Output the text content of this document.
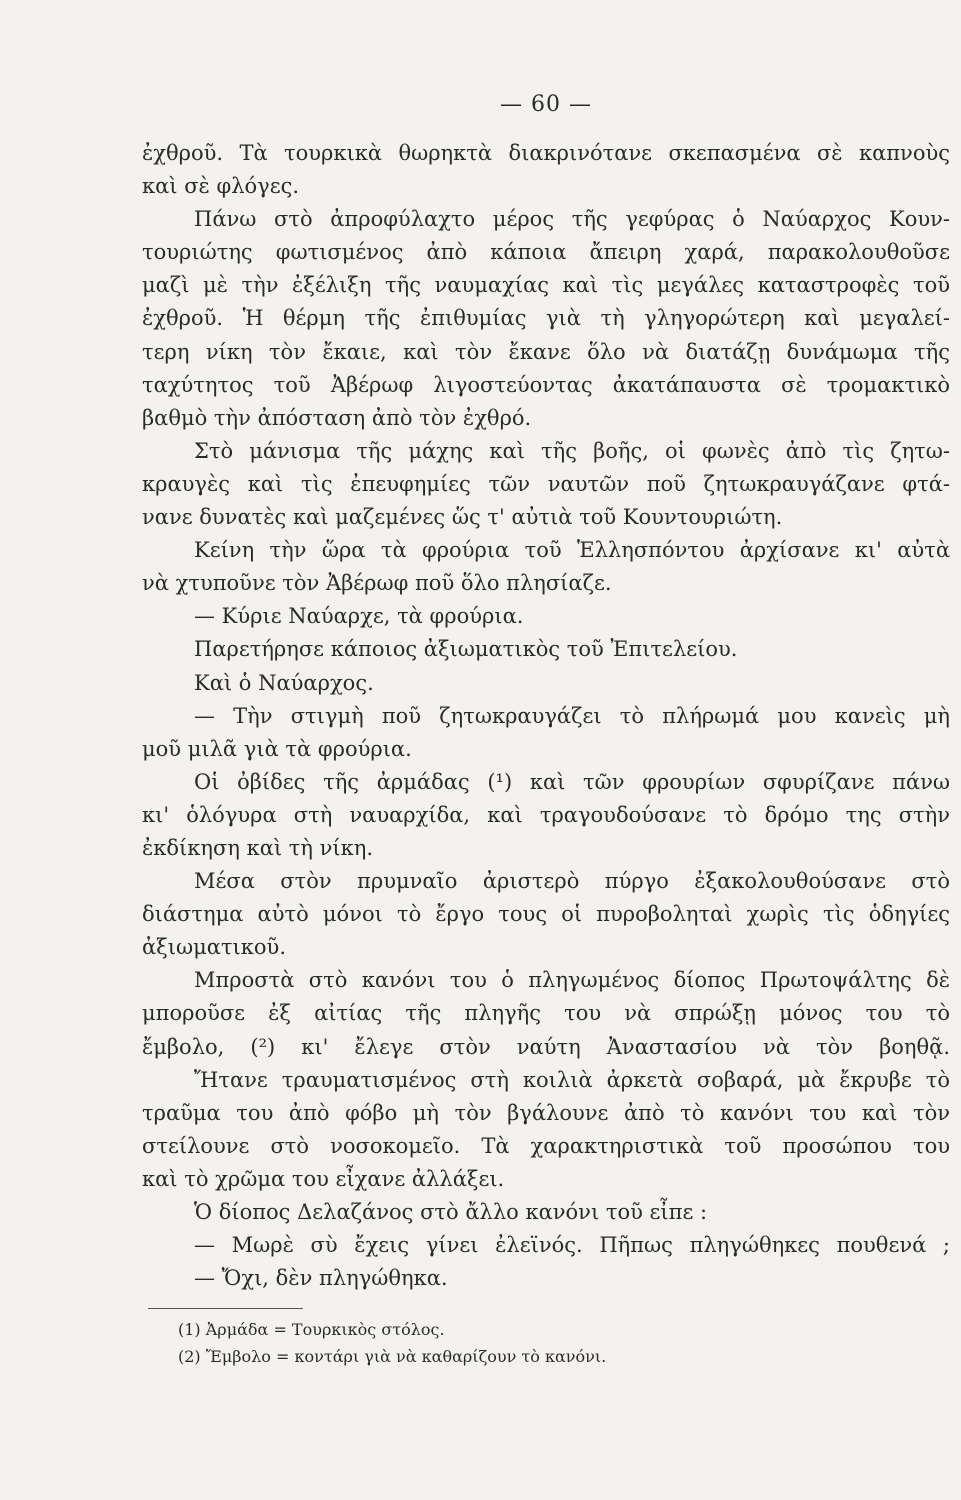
— 60 —
ἐχθροῦ. Τὰ τουρκικὰ θωρηκτὰ διακρινότανε σκεπασμένα σὲ καπνοὺς
καὶ σὲ φλόγες.
Πάνω στὸ ἀπροφύλαχτο μέρος τῆς γεφύρας ὁ Ναύαρχος Κουν-
τουριώτης φωτισμένος ἀπὸ κάποια ἄπειρη χαρά, παρακολουθοῦσε
μαζὶ μὲ τὴν ἐξέλιξη τῆς ναυμαχίας καὶ τὶς μεγάλες καταστροφὲς τοῦ
ἐχθροῦ. Ἡ θέρμη τῆς ἐπιθυμίας γιὰ τὴ γληγορώτερη καὶ μεγαλεί-
τερη νίκη τὸν ἔκαιε, καὶ τὸν ἔκανε ὅλο νὰ διατάζῃ δυνάμωμα τῆς
ταχύτητος τοῦ Ἀβέρωφ λιγοστεύοντας ἀκατάπαυστα σὲ τρομακτικὸ
βαθμὸ τὴν ἀπόσταση ἀπὸ τὸν ἐχθρό.
Στὸ μάνισμα τῆς μάχης καὶ τῆς βοῆς, οἱ φωνὲς ἀπὸ τὶς ζητω-
κραυγὲς καὶ τὶς ἐπευφημίες τῶν ναυτῶν ποῦ ζητωκραυγάζανε φτά-
νανε δυνατὲς καὶ μαζεμένες ὥς τ' αὐτιὰ τοῦ Κουντουριώτη.
Κείνη τὴν ὥρα τὰ φρούρια τοῦ Ἑλλησπόντου ἀρχίσανε κι' αὐτὰ
νὰ χτυποῦνε τὸν Ἀβέρωφ ποῦ ὅλο πλησίαζε.
— Κύριε Ναύαρχε, τὰ φρούρια.
Παρετήρησε κάποιος ἀξιωματικὸς τοῦ Ἐπιτελείου.
Καὶ ὁ Ναύαρχος.
— Τὴν στιγμὴ ποῦ ζητωκραυγάζει τὸ πλήρωμά μου κανεὶς μὴ
μοῦ μιλᾶ γιὰ τὰ φρούρια.
Οἱ ὀβίδες τῆς ἀρμάδας (¹) καὶ τῶν φρουρίων σφυρίζανε πάνω
κι' ὁλόγυρα στὴ ναυαρχίδα, καὶ τραγουδούσανε τὸ δρόμο της στὴν
ἐκδίκηση καὶ τὴ νίκη.
Μέσα στὸν πρυμναῖο ἀριστερὸ πύργο ἐξακολουθούσανε στὸ
διάστημα αὐτὸ μόνοι τὸ ἔργο τους οἱ πυροβοληταὶ χωρὶς τὶς ὁδηγίες
ἀξιωματικοῦ.
Μπροστὰ στὸ κανόνι του ὁ πληγωμένος δίοπος Πρωτοψάλτης δὲ
μποροῦσε ἐξ αἰτίας τῆς πληγῆς του νὰ σπρώξῃ μόνος του τὸ
ἔμβολο, (²) κι' ἔλεγε στὸν ναύτη Ἀναστασίου νὰ τὸν βοηθᾷ.
Ἤτανε τραυματισμένος στὴ κοιλιὰ ἀρκετὰ σοβαρά, μὰ ἔκρυβε τὸ
τραῦμα του ἀπὸ φόβο μὴ τὸν βγάλουνε ἀπὸ τὸ κανόνι του καὶ τὸν
στείλουνε στὸ νοσοκομεῖο. Τὰ χαρακτηριστικὰ τοῦ προσώπου του
καὶ τὸ χρῶμα του εἶχανε ἀλλάξει.
Ὁ δίοπος Δελαζάνος στὸ ἄλλο κανόνι τοῦ εἶπε :
— Μωρὲ σὺ ἔχεις γίνει ἐλεϊνός. Πῆπως πληγώθηκες πουθενά ;
— Ὄχι, δὲν πληγώθηκα.
(1) Ἀρμάδα = Τουρκικὸς στόλος.
(2) Ἔμβολο = κοντάρι γιὰ νὰ καθαρίζουν τὸ κανόνι.
